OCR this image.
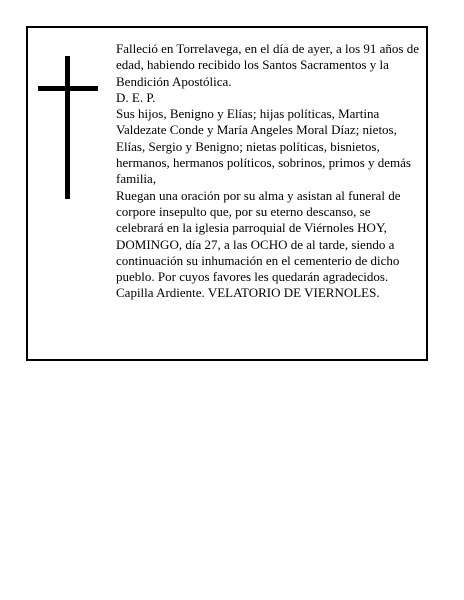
Falleció en Torrelavega, en el día de ayer, a los 91 años de edad, habiendo recibido los Santos Sacramentos y la Bendición Apostólica.

D. E. P.

Sus hijos, Benigno y Elías; hijas políticas, Martina Valdezate Conde y María Angeles Moral Díaz; nietos, Elías, Sergio y Benigno; nietas políticas, bisnietos, hermanos, hermanos políticos, sobrinos, primos y demás familia,

Ruegan una oración por su alma y asistan al funeral de corpore insepulto que, por su eterno descanso, se celebrará en la iglesia parroquial de Viérnoles HOY, DOMINGO, día 27, a las OCHO de al tarde, siendo a continuación su inhumación en el cementerio de dicho pueblo. Por cuyos favores les quedarán agradecidos.

Capilla Ardiente. VELATORIO DE VIERNOLES.
